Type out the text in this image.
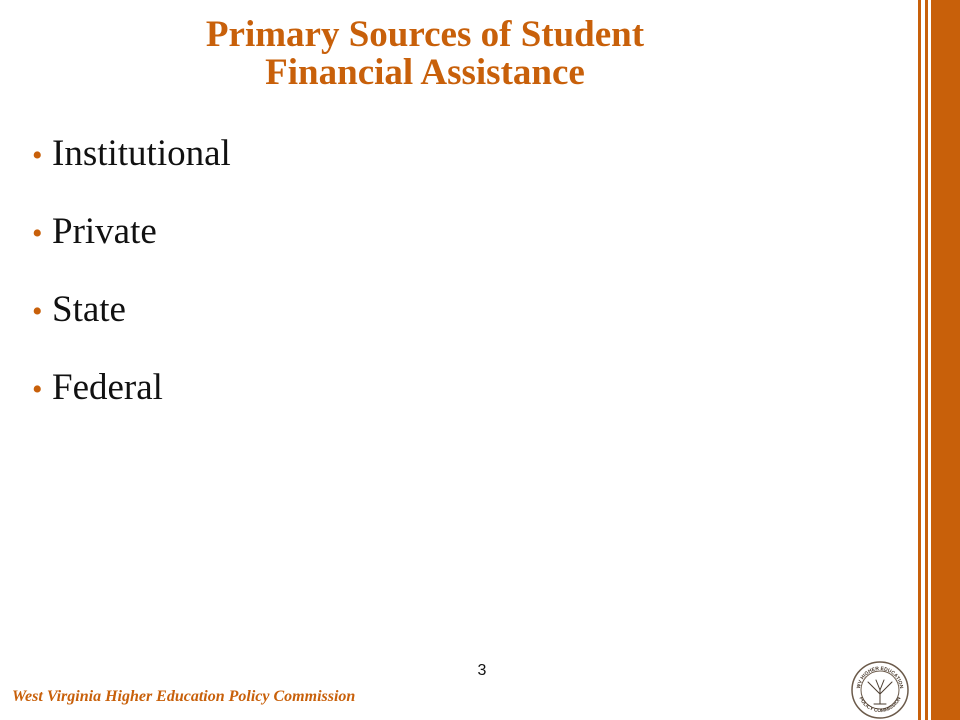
Primary Sources of Student
Financial Assistance
• Institutional
• Private
• State
• Federal
3
West Virginia Higher Education Policy Commission
WV HIGHER EDUCATION
POLICY COMMISSION
